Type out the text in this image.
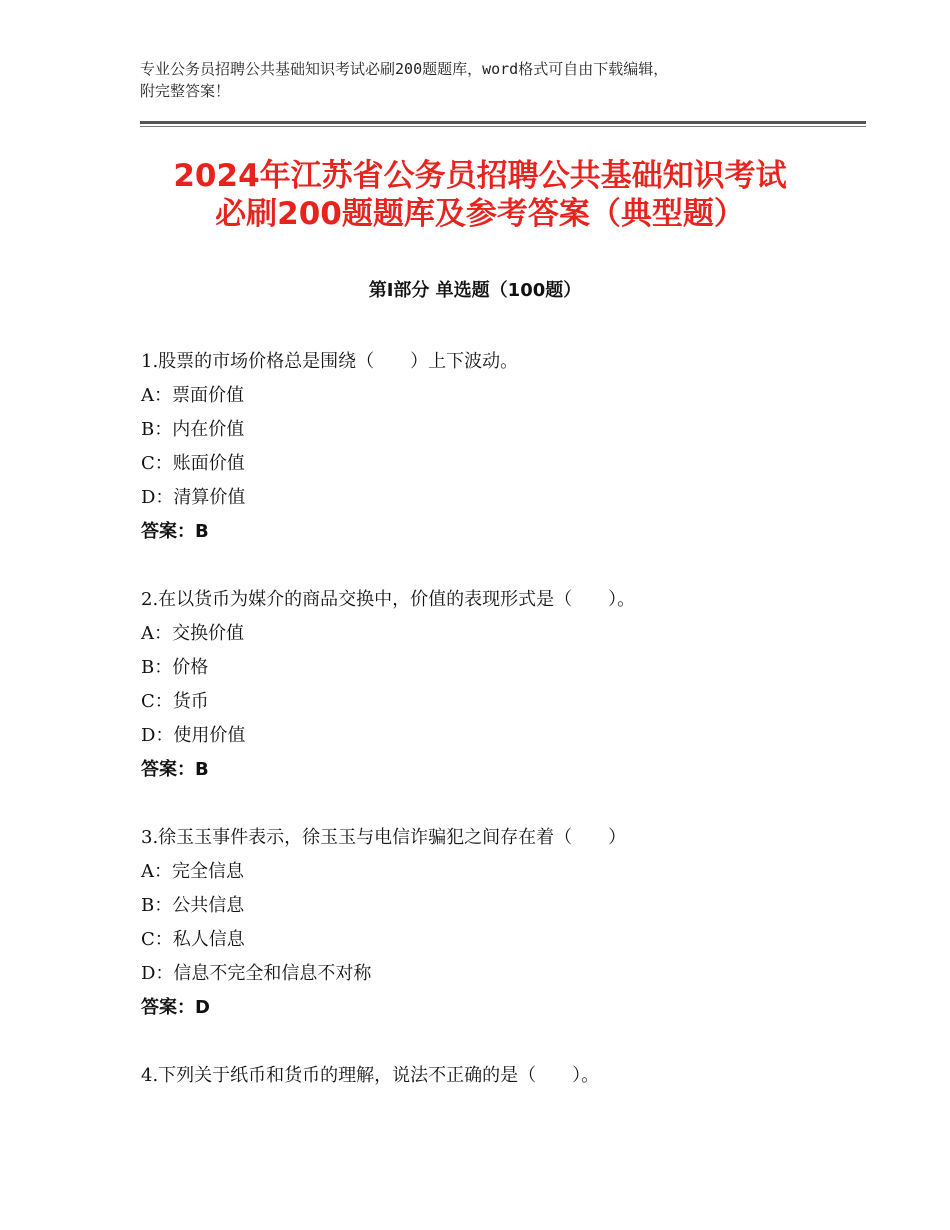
专业公务员招聘公共基础知识考试必刷200题题库，word格式可自由下载编辑，
附完整答案！
2024年江苏省公务员招聘公共基础知识考试
必刷200题题库及参考答案（典型题）
第Ⅰ部分 单选题（100题）
1.股票的市场价格总是围绕（　　）上下波动。
A：票面价值
B：内在价值
C：账面价值
D：清算价值
答案：B
2.在以货币为媒介的商品交换中，价值的表现形式是（　　）。
A：交换价值
B：价格
C：货币
D：使用价值
答案：B
3.徐玉玉事件表示，徐玉玉与电信诈骗犯之间存在着（　　）
A：完全信息
B：公共信息
C：私人信息
D：信息不完全和信息不对称
答案：D
4.下列关于纸币和货币的理解，说法不正确的是（　　）。
